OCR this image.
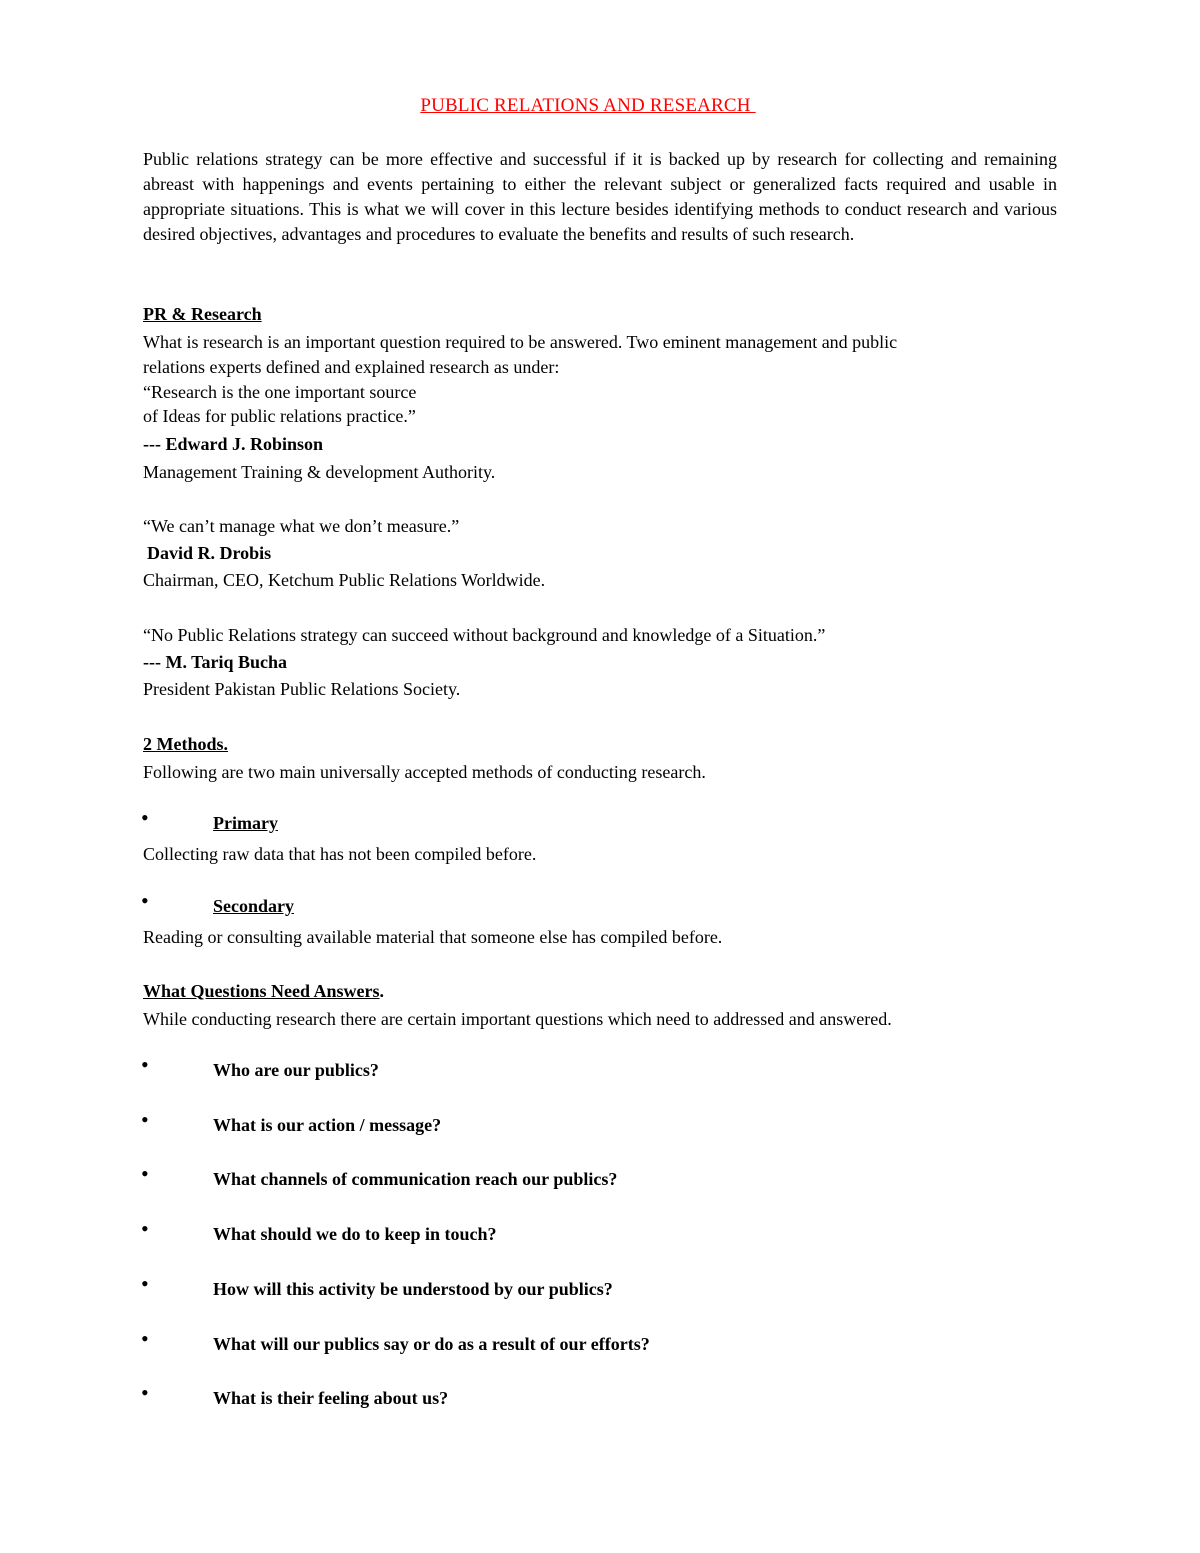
PUBLIC RELATIONS AND RESEARCH
Public relations strategy can be more effective and successful if it is backed up by research for collecting and remaining abreast with happenings and events pertaining to either the relevant subject or generalized facts required and usable in appropriate situations. This is what we will cover in this lecture besides identifying methods to conduct research and various desired objectives, advantages and procedures to evaluate the benefits and results of such research.
PR & Research
What is research is an important question required to be answered. Two eminent management and public
relations experts defined and explained research as under:
“Research is the one important source
of Ideas for public relations practice.”
--- Edward J. Robinson
Management Training & development Authority.
“We can’t manage what we don’t measure.”
David R. Drobis
Chairman, CEO, Ketchum Public Relations Worldwide.
“No Public Relations strategy can succeed without background and knowledge of a Situation.”
--- M. Tariq Bucha
President Pakistan Public Relations Society.
2 Methods.
Following are two main universally accepted methods of conducting research.
•	Primary
Collecting raw data that has not been compiled before.
•	Secondary
Reading or consulting available material that someone else has compiled before.
What Questions Need Answers.
While conducting research there are certain important questions which need to addressed and answered.
•	Who are our publics?
•	What is our action / message?
•	What channels of communication reach our publics?
•	What should we do to keep in touch?
•	How will this activity be understood by our publics?
•	What will our publics say or do as a result of our efforts?
•	What is their feeling about us?
